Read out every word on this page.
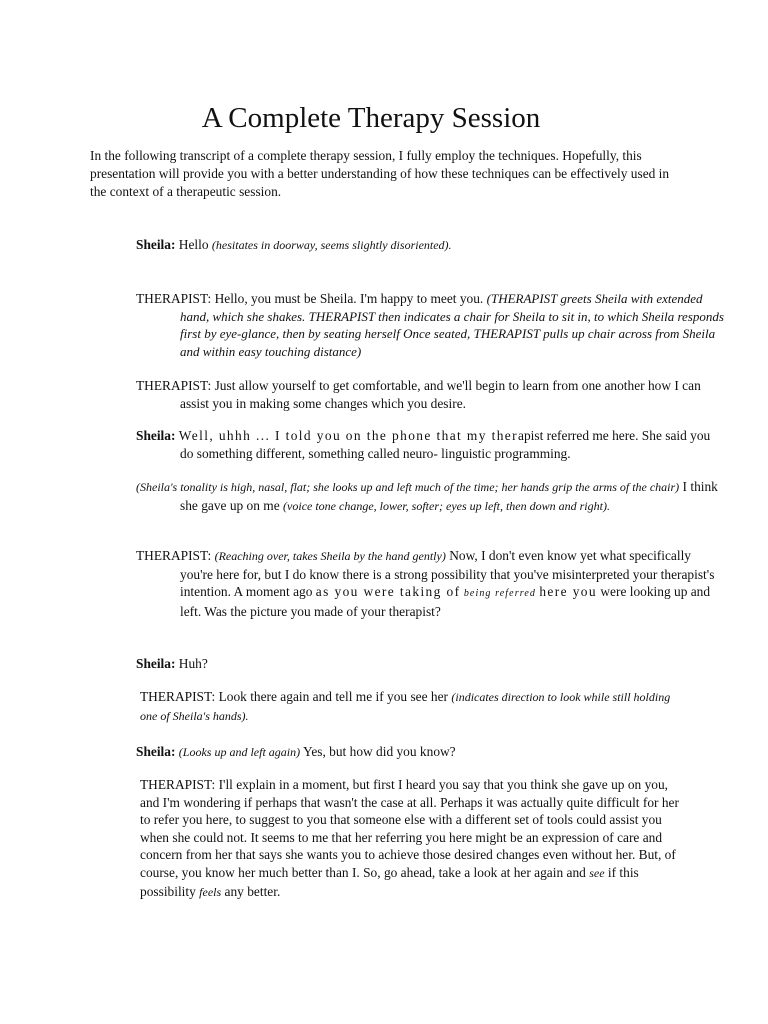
A Complete Therapy Session

In the following transcript of a complete therapy session, I fully employ the techniques. Hopefully, this presentation will provide you with a better understanding of how these techniques can be effectively used in the context of a therapeutic session.

Sheila: Hello (hesitates in doorway, seems slightly disoriented).

THERAPIST: Hello, you must be Sheila. I'm happy to meet you. (THERAPIST greets Sheila with extended hand, which she shakes. THERAPIST then indicates a chair for Sheila to sit in, to which Sheila responds first by eye-glance, then by seating herself Once seated, THERAPIST pulls up chair across from Sheila and within easy touching distance)

THERAPIST: Just allow yourself to get comfortable, and we'll begin to learn from one another how I can assist you in making some changes which you desire.

Sheila: Well, uhhh ... I told you on the phone that my therapist referred me here. She said you do something different, something called neuro- linguistic programming.

(Sheila's tonality is high, nasal, flat; she looks up and left much of the time; her hands grip the arms of the chair) I think she gave up on me (voice tone change, lower, softer; eyes up left, then down and right).

THERAPIST: (Reaching over, takes Sheila by the hand gently) Now, I don't even know yet what specifically you're here for, but I do know there is a strong possibility that you've misinterpreted your therapist's intention. A moment ago as you were taking of being referred here you were looking up and left. Was the picture you made of your therapist?

Sheila: Huh?

THERAPIST: Look there again and tell me if you see her (indicates direction to look while still holding one of Sheila's hands).

Sheila: (Looks up and left again) Yes, but how did you know?

THERAPIST: I'll explain in a moment, but first I heard you say that you think she gave up on you, and I'm wondering if perhaps that wasn't the case at all. Perhaps it was actually quite difficult for her to refer you here, to suggest to you that someone else with a different set of tools could assist you when she could not. It seems to me that her referring you here might be an expression of care and concern from her that says she wants you to achieve those desired changes even without her. But, of course, you know her much better than I. So, go ahead, take a look at her again and see if this possibility feels any better.
